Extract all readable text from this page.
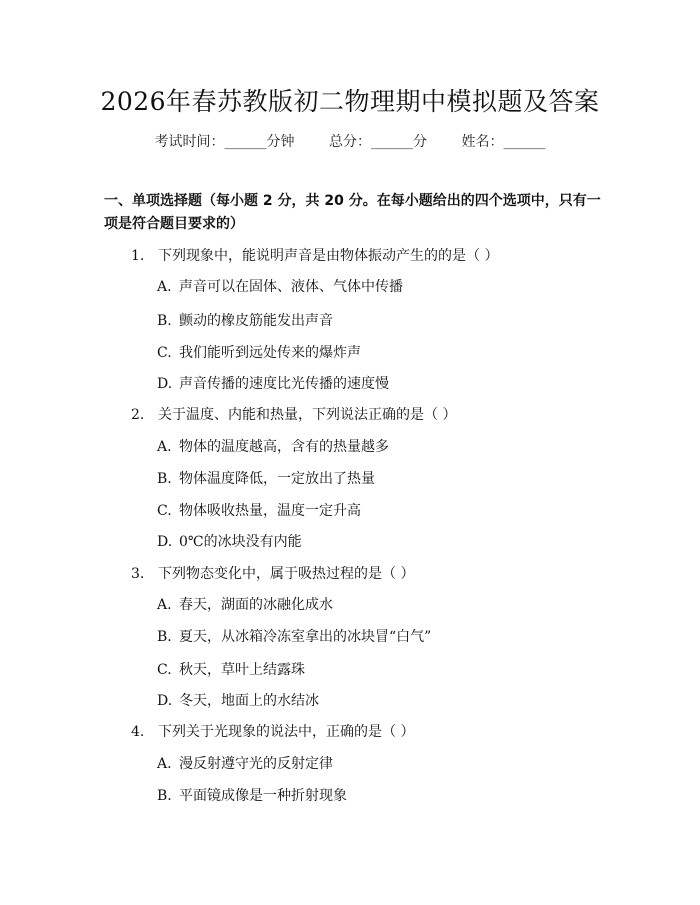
2026年春苏教版初二物理期中模拟题及答案
考试时间：______分钟 总分：______分 姓名：______
一、单项选择题（每小题 2 分，共 20 分。在每小题给出的四个选项中，只有一项是符合题目要求的）
1. 下列现象中，能说明声音是由物体振动产生的的是（ ）
A. 声音可以在固体、液体、气体中传播
B. 颤动的橡皮筋能发出声音
C. 我们能听到远处传来的爆炸声
D. 声音传播的速度比光传播的速度慢
2. 关于温度、内能和热量，下列说法正确的是（ ）
A. 物体的温度越高，含有的热量越多
B. 物体温度降低，一定放出了热量
C. 物体吸收热量，温度一定升高
D. 0℃的冰块没有内能
3. 下列物态变化中，属于吸热过程的是（ ）
A. 春天，湖面的冰融化成水
B. 夏天，从冰箱冷冻室拿出的冰块冒“白气”
C. 秋天，草叶上结露珠
D. 冬天，地面上的水结冰
4. 下列关于光现象的说法中，正确的是（ ）
A. 漫反射遵守光的反射定律
B. 平面镜成像是一种折射现象
